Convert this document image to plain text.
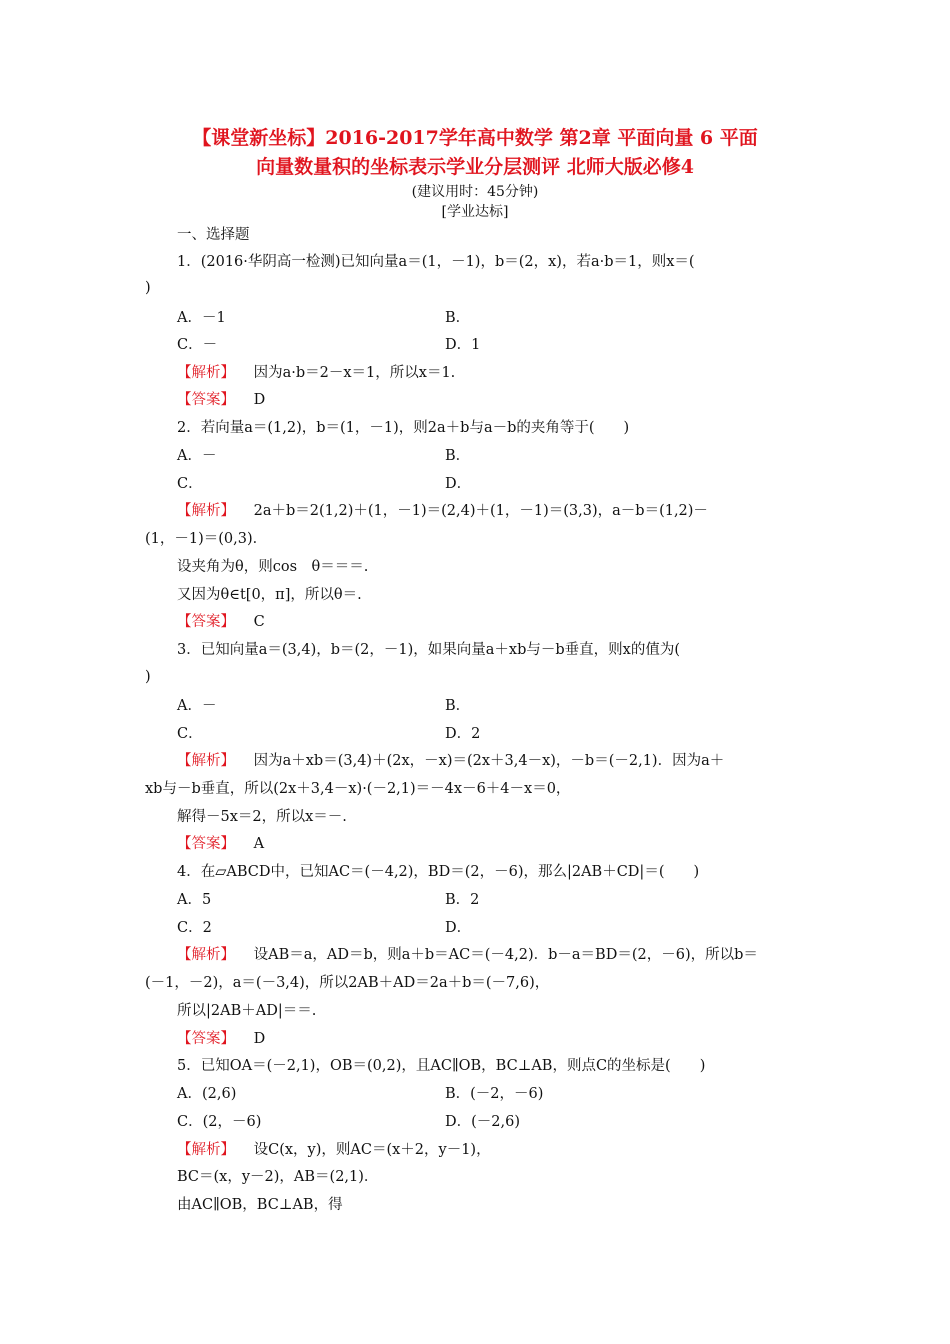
【课堂新坐标】2016-2017学年高中数学 第2章 平面向量 6 平面
向量数量积的坐标表示学业分层测评 北师大版必修4
(建议用时：45分钟)
[学业达标]
一、选择题
1．(2016·华阴高一检测)已知向量a＝(1，－1)，b＝(2，x)，若a·b＝1，则x＝(
)
A．－1	B．
C．－	D．1
【解析】 因为a·b＝2－x＝1，所以x＝1.
【答案】 D
2．若向量a＝(1,2)，b＝(1，－1)，则2a＋b与a－b的夹角等于(　　)
A．－	B．
C．	D．
【解析】 2a＋b＝2(1,2)＋(1，－1)＝(2,4)＋(1，－1)＝(3,3)，a－b＝(1,2)－
(1，－1)＝(0,3)．
设夹角为θ，则cos　θ＝＝＝.
又因为θ∈t[0，π]，所以θ＝.
【答案】 C
3．已知向量a＝(3,4)，b＝(2，－1)，如果向量a＋xb与－b垂直，则x的值为(
)
A．－	B．
C．	D．2
【解析】 因为a＋xb＝(3,4)＋(2x，－x)＝(2x＋3,4－x)，－b＝(－2,1)．因为a＋
xb与－b垂直，所以(2x＋3,4－x)·(－2,1)＝－4x－6＋4－x＝0，
解得－5x＝2，所以x＝－.
【答案】 A
4．在▱ABCD中，已知AC＝(－4,2)，BD＝(2，－6)，那么|2AB＋CD|＝(　　)
A．5	B．2
C．2	D．
【解析】 设AB＝a，AD＝b，则a＋b＝AC＝(－4,2)．b－a＝BD＝(2，－6)，所以b＝
(－1，－2)，a＝(－3,4)，所以2AB＋AD＝2a＋b＝(－7,6)，
所以|2AB＋AD|＝＝.
【答案】 D
5．已知OA＝(－2,1)，OB＝(0,2)，且AC∥OB，BC⊥AB，则点C的坐标是(　　)
A．(2,6)	B．(－2，－6)
C．(2，－6)	D．(－2,6)
【解析】 设C(x，y)，则AC＝(x＋2，y－1)，
BC＝(x，y－2)，AB＝(2,1)．
由AC∥OB，BC⊥AB，得
